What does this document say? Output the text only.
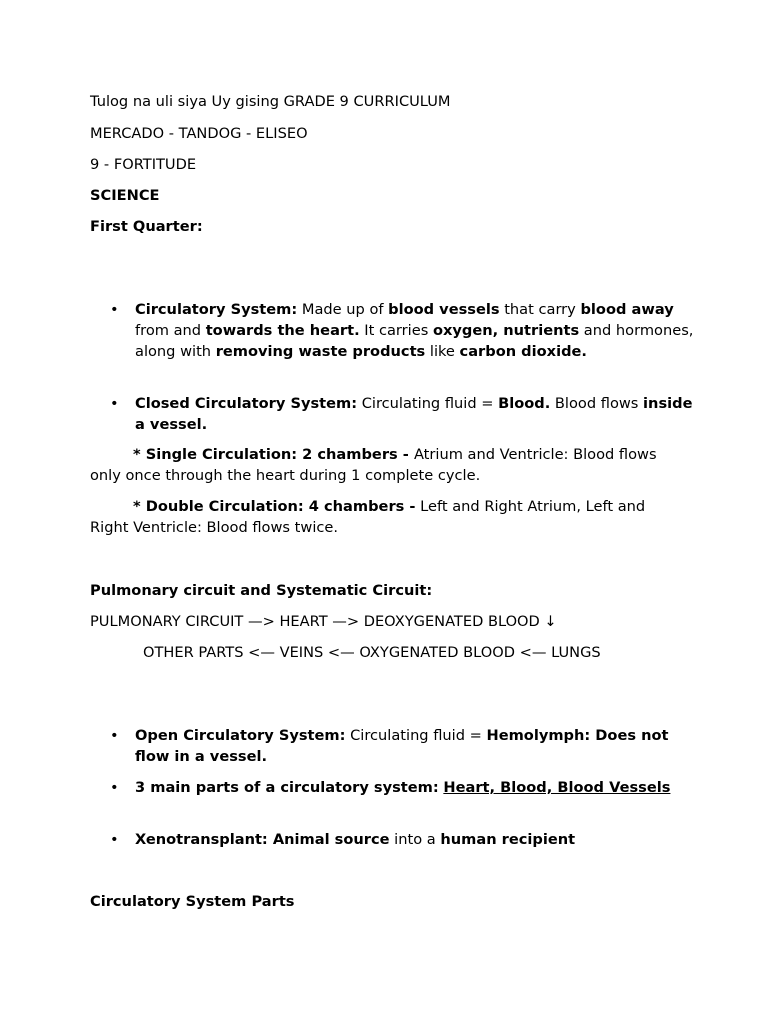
Tulog na uli siya Uy gising GRADE 9 CURRICULUM

MERCADO - TANDOG - ELISEO

9 - FORTITUDE

SCIENCE

First Quarter:

• Circulatory System: Made up of blood vessels that carry blood away from and towards the heart. It carries oxygen, nutrients and hormones, along with removing waste products like carbon dioxide.
• Closed Circulatory System: Circulating fluid = Blood. Blood flows inside a vessel.

* Single Circulation: 2 chambers - Atrium and Ventricle: Blood flows only once through the heart during 1 complete cycle.

* Double Circulation: 4 chambers - Left and Right Atrium, Left and Right Ventricle: Blood flows twice.

Pulmonary circuit and Systematic Circuit:

PULMONARY CIRCUIT —> HEART —> DEOXYGENATED BLOOD ↓

OTHER PARTS <— VEINS <— OXYGENATED BLOOD <— LUNGS

• Open Circulatory System: Circulating fluid = Hemolymph: Does not flow in a vessel.
• 3 main parts of a circulatory system: Heart, Blood, Blood Vessels
• Xenotransplant: Animal source into a human recipient

Circulatory System Parts
